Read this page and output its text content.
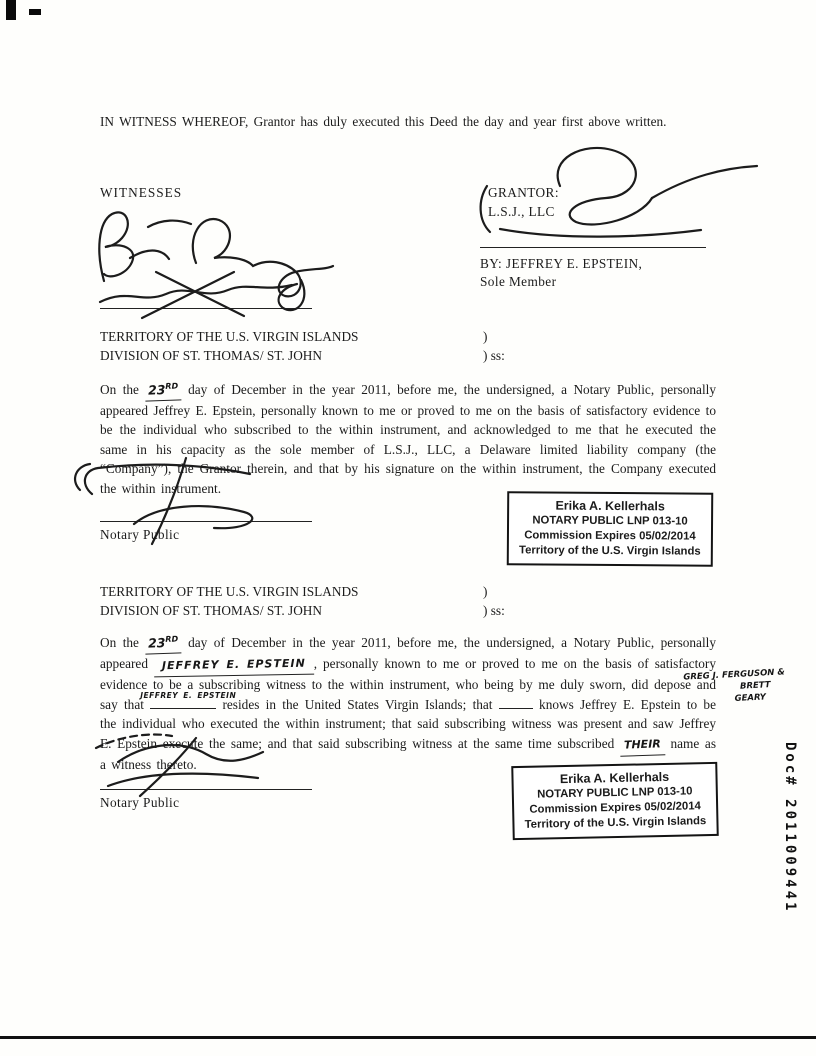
IN WITNESS WHEREOF, Grantor has duly executed this Deed the day and year first above written.
WITNESSES	GRANTOR:
L.S.J., LLC
BY: JEFFREY E. EPSTEIN,
Sole Member
TERRITORY OF THE U.S. VIRGIN ISLANDS	)
DIVISION OF ST. THOMAS/ ST. JOHN	) ss:
On the 23RD day of December in the year 2011, before me, the undersigned, a Notary Public, personally appeared Jeffrey E. Epstein, personally known to me or proved to me on the basis of satisfactory evidence to be the individual who subscribed to the within instrument, and acknowledged to me that he executed the same in his capacity as the sole member of L.S.J., LLC, a Delaware limited liability company (the “Company”), the Grantor therein, and that by his signature on the within instrument, the Company executed the within instrument.
Notary Public
Erika A. Kellerhals
NOTARY PUBLIC LNP 013-10
Commission Expires 05/02/2014
Territory of the U.S. Virgin Islands
TERRITORY OF THE U.S. VIRGIN ISLANDS	)
DIVISION OF ST. THOMAS/ ST. JOHN	) ss:
On the 23RD day of December in the year 2011, before me, the undersigned, a Notary Public, personally appeared JEFFREY E. EPSTEIN , personally known to me or proved to me on the basis of satisfactory evidence to be a subscribing witness to the within instrument, who being by me duly sworn, did depose and say that
JEFFREY E. EPSTEIN
resides in the United States Virgin Islands; that	knows Jeffrey E. Epstein to be the individual who executed the within instrument; that said subscribing witness was present and saw Jeffrey E. Epstein execute the same; and that said subscribing witness at the same time subscribed THEIR name as a witness thereto.
GREG J. FERGUSON &
BRETT
GEARY
Notary Public
Erika A. Kellerhals
NOTARY PUBLIC LNP 013-10
Commission Expires 05/02/2014
Territory of the U.S. Virgin Islands	Doc# 2011009441
